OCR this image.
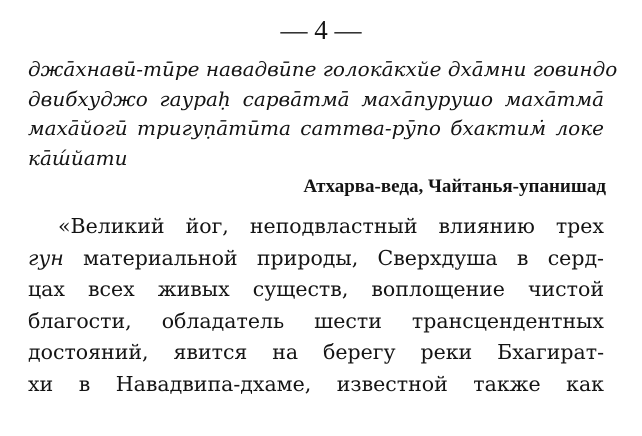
— 4 —
джа̄хнавӣ-тӣре навадвӣпе голока̄кхйе дха̄мни говиндо
двибхуджо гаураḥ сарва̄тма̄ маха̄пурушо маха̄тма̄
маха̄йогӣ тригуṇа̄тӣта саттва-рӯпо бхактим̇ локе
ка̄ш́йати
Атхарва-веда, Чайтанья-упанишад
«Великий йог, неподвластный влиянию трех
гун материальной природы, Сверхдуша в серд-
цах всех живых существ, воплощение чистой
благости, обладатель шести трансцендентных
достояний, явится на берегу реки Бхагират-
хи в Навадвипа-дхаме, известной также как
